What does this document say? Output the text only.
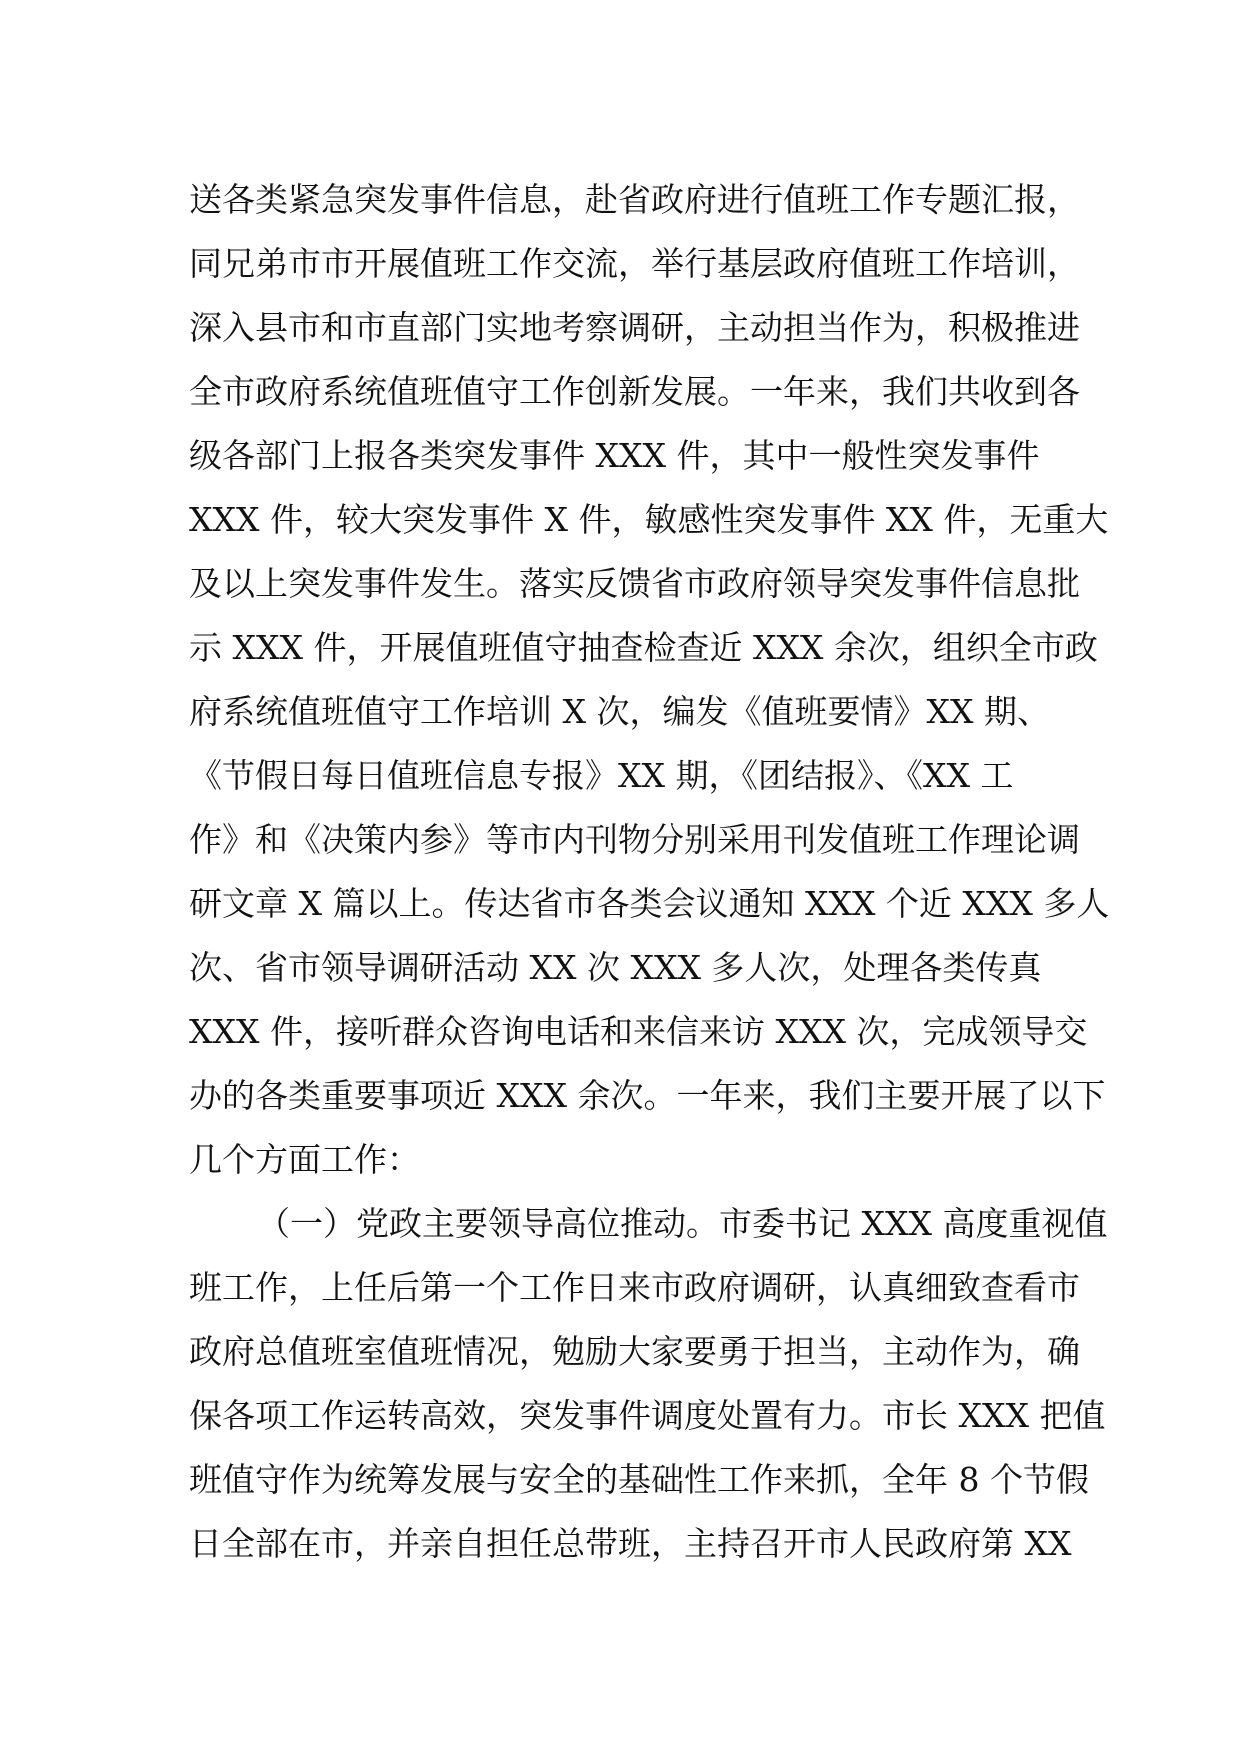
送各类紧急突发事件信息，赴省政府进行值班工作专题汇报，
同兄弟市市开展值班工作交流，举行基层政府值班工作培训，
深入县市和市直部门实地考察调研，主动担当作为，积极推进
全市政府系统值班值守工作创新发展。一年来，我们共收到各
级各部门上报各类突发事件 XXX 件，其中一般性突发事件
XXX 件，较大突发事件 X 件，敏感性突发事件 XX 件，无重大
及以上突发事件发生。落实反馈省市政府领导突发事件信息批
示 XXX 件，开展值班值守抽查检查近 XXX 余次，组织全市政
府系统值班值守工作培训 X 次，编发《值班要情》XX 期、
《节假日每日值班信息专报》XX 期，《团结报》、《XX 工
作》和《决策内参》等市内刊物分别采用刊发值班工作理论调
研文章 X 篇以上。传达省市各类会议通知 XXX 个近 XXX 多人
次、省市领导调研活动 XX 次 XXX 多人次，处理各类传真
XXX 件，接听群众咨询电话和来信来访 XXX 次，完成领导交
办的各类重要事项近 XXX 余次。一年来，我们主要开展了以下
几个方面工作：
（一）党政主要领导高位推动。市委书记 XXX 高度重视值
班工作，上任后第一个工作日来市政府调研，认真细致查看市
政府总值班室值班情况，勉励大家要勇于担当，主动作为，确
保各项工作运转高效，突发事件调度处置有力。市长 XXX 把值
班值守作为统筹发展与安全的基础性工作来抓，全年 8 个节假
日全部在市，并亲自担任总带班，主持召开市人民政府第 XX
